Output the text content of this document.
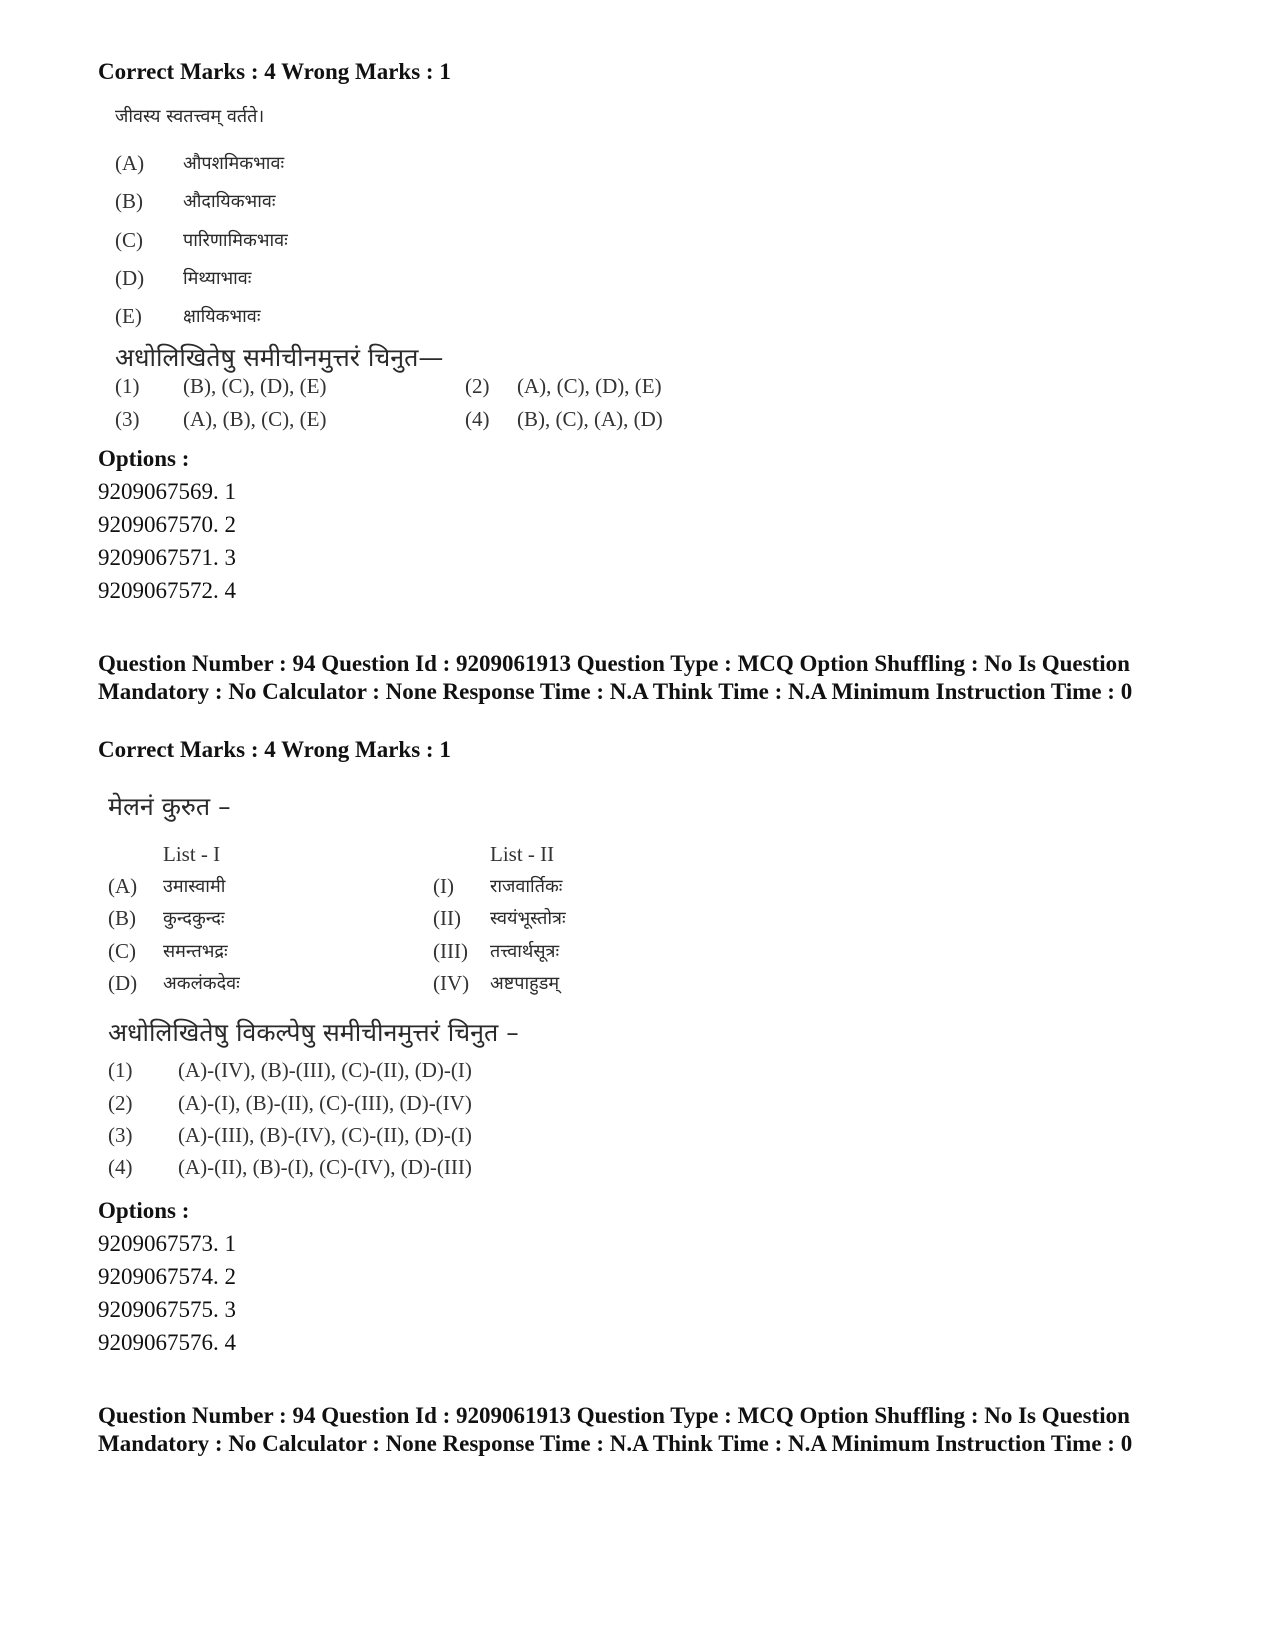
Correct Marks : 4 Wrong Marks : 1
जीवस्य स्वतत्त्वम् वर्तते।
(A) औपशमिकभावः
(B) औदायिकभावः
(C) पारिणामिकभावः
(D) मिथ्याभावः
(E) क्षायिकभावः
अधोलिखितेषु समीचीनमुत्तरं चिनुत—
(1) (B), (C), (D), (E)	(2) (A), (C), (D), (E)
(3) (A), (B), (C), (E)	(4) (B), (C), (A), (D)
Options :
9209067569. 1
9209067570. 2
9209067571. 3
9209067572. 4
Question Number : 94 Question Id : 9209061913 Question Type : MCQ Option Shuffling : No Is Question Mandatory : No Calculator : None Response Time : N.A Think Time : N.A Minimum Instruction Time : 0
Correct Marks : 4 Wrong Marks : 1
मेलनं कुरुत –
List - I	List - II
(A) उमास्वामी	(I) राजवार्तिकः
(B) कुन्दकुन्दः	(II) स्वयंभूस्तोत्रः
(C) समन्तभद्रः	(III) तत्त्वार्थसूत्रः
(D) अकलंकदेवः	(IV) अष्टपाहुडम्
अधोलिखितेषु विकल्पेषु समीचीनमुत्तरं चिनुत –
(1) (A)-(IV), (B)-(III), (C)-(II), (D)-(I)
(2) (A)-(I), (B)-(II), (C)-(III), (D)-(IV)
(3) (A)-(III), (B)-(IV), (C)-(II), (D)-(I)
(4) (A)-(II), (B)-(I), (C)-(IV), (D)-(III)
Options :
9209067573. 1
9209067574. 2
9209067575. 3
9209067576. 4
Question Number : 94 Question Id : 9209061913 Question Type : MCQ Option Shuffling : No Is Question Mandatory : No Calculator : None Response Time : N.A Think Time : N.A Minimum Instruction Time : 0
